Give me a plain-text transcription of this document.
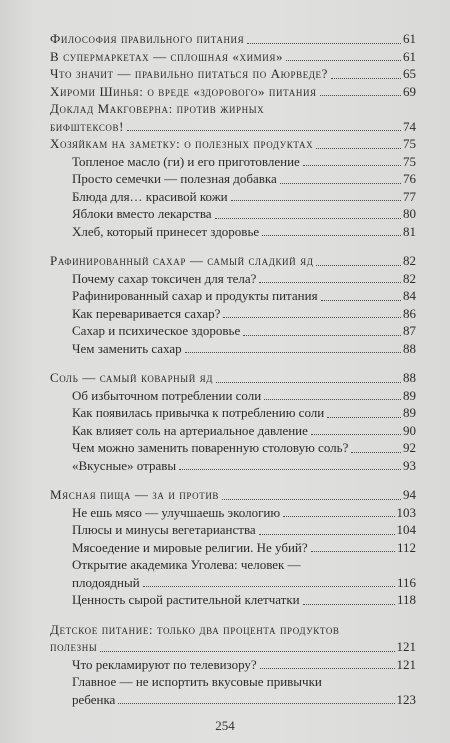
Философия правильного питания	61
В супермаркетах — сплошная «химия»	61
Что значит — правильно питаться по Аюрведе?	65
Хироми Шинья: о вреде «здорового» питания	69
Доклад Макговерна: против жирных
бифштексов!	74
Хозяйкам на заметку: о полезных продуктах	75
Топленое масло (ги) и его приготовление	75
Просто семечки — полезная добавка	76
Блюда для… красивой кожи	77
Яблоки вместо лекарства	80
Хлеб, который принесет здоровье	81
Рафинированный сахар — самый сладкий яд	82
Почему сахар токсичен для тела?	82
Рафинированный сахар и продукты питания	84
Как переваривается сахар?	86
Сахар и психическое здоровье	87
Чем заменить сахар	88
Соль — самый коварный яд	88
Об избыточном потреблении соли	89
Как появилась привычка к потреблению соли	89
Как влияет соль на артериальное давление	90
Чем можно заменить поваренную столовую соль?	92
«Вкусные» отравы	93
Мясная пища — за и против	94
Не ешь мясо — улучшаешь экологию	103
Плюсы и минусы вегетарианства	104
Мясоедение и мировые религии. Не убий?	112
Открытие академика Уголева: человек —
плодоядный	116
Ценность сырой растительной клетчатки	118
Детское питание: только два процента продуктов
полезны	121
Что рекламируют по телевизору?	121
Главное — не испортить вкусовые привычки
ребенка	123
254
